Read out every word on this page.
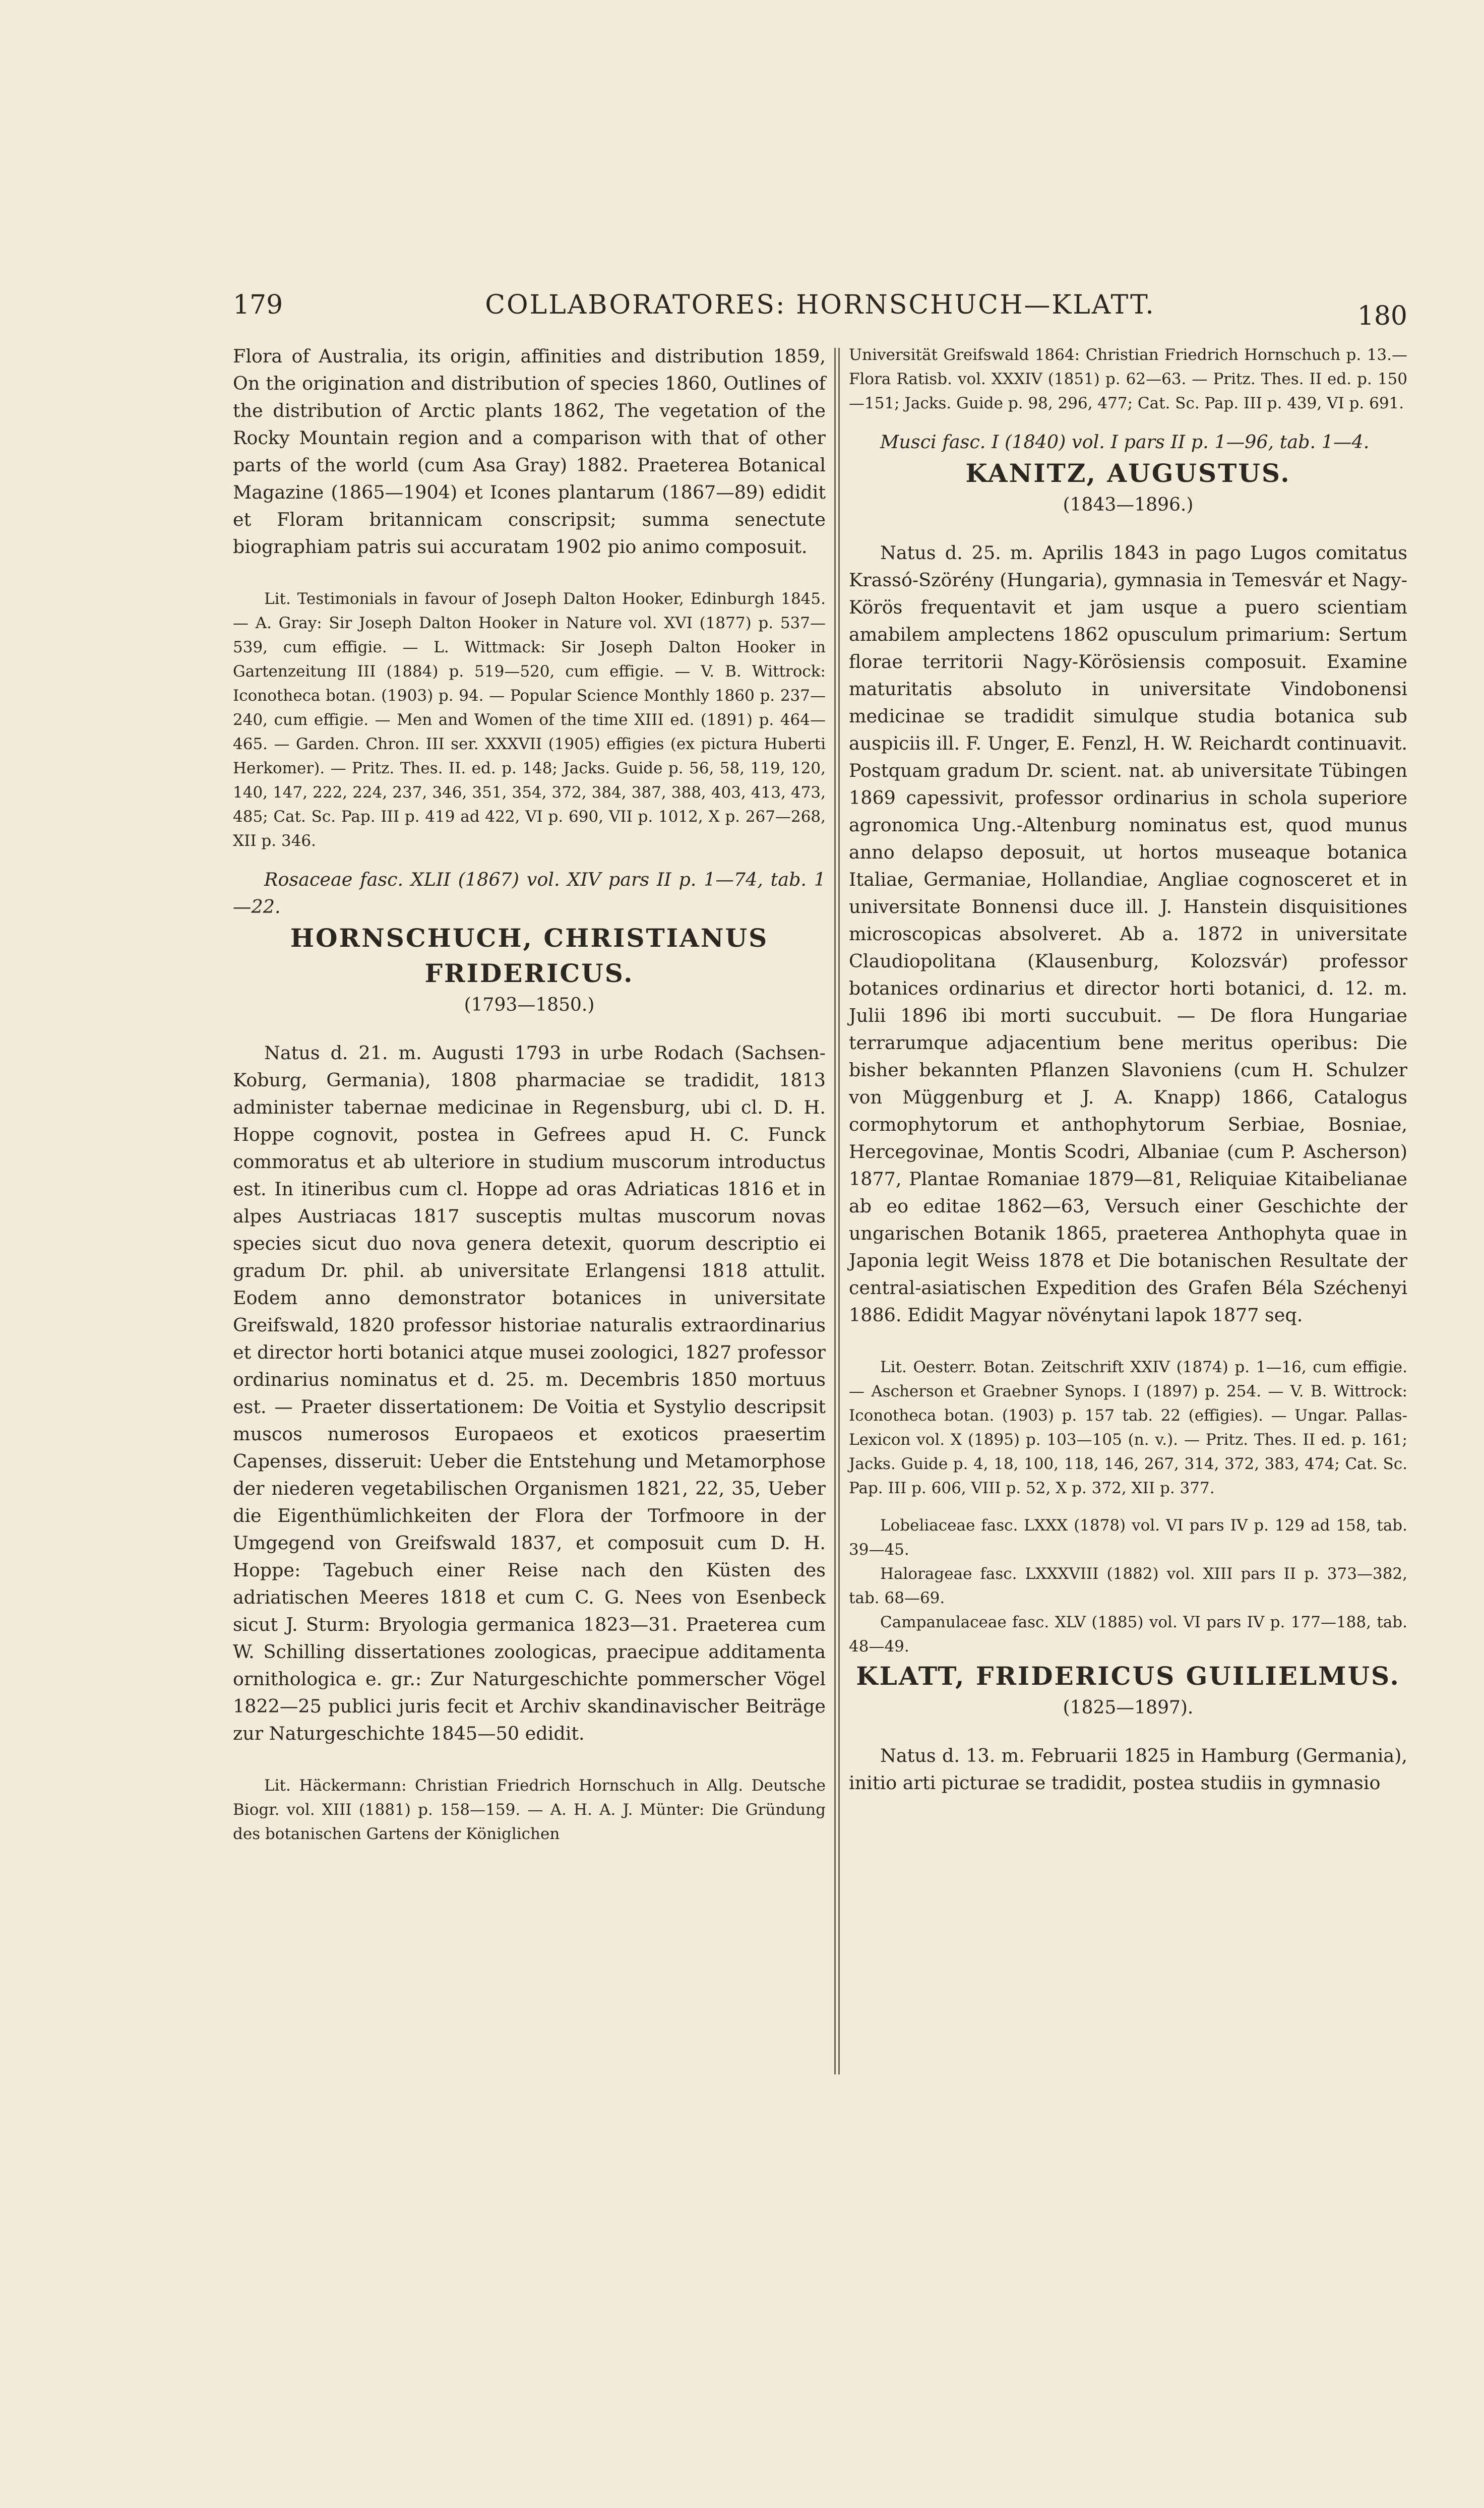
179	COLLABORATORES: HORNSCHUCH—KLATT.	180

Flora of Australia, its origin, affinities and distribution 1859, On the origination and distribution of species 1860, Outlines of the distribution of Arctic plants 1862, The vegetation of the Rocky Mountain region and a comparison with that of other parts of the world (cum Asa Gray) 1882. Praeterea Botanical Magazine (1865—1904) et Icones plantarum (1867—89) edidit et Floram britannicam conscripsit; summa senectute biographiam patris sui accuratam 1902 pio animo composuit.

Lit. Testimonials in favour of Joseph Dalton Hooker, Edinburgh 1845. — A. Gray: Sir Joseph Dalton Hooker in Nature vol. XVI (1877) p. 537—539, cum effigie. — L. Wittmack: Sir Joseph Dalton Hooker in Gartenzeitung III (1884) p. 519—520, cum effigie. — V. B. Wittrock: Iconotheca botan. (1903) p. 94. — Popular Science Monthly 1860 p. 237—240, cum effigie. — Men and Women of the time XIII ed. (1891) p. 464—465. — Garden. Chron. III ser. XXXVII (1905) effigies (ex pictura Huberti Herkomer). — Pritz. Thes. II. ed. p. 148; Jacks. Guide p. 56, 58, 119, 120, 140, 147, 222, 224, 237, 346, 351, 354, 372, 384, 387, 388, 403, 413, 473, 485; Cat. Sc. Pap. III p. 419 ad 422, VI p. 690, VII p. 1012, X p. 267—268, XII p. 346.

Rosaceae fasc. XLII (1867) vol. XIV pars II p. 1—74, tab. 1—22.

HORNSCHUCH, CHRISTIANUS FRIDERICUS.
(1793—1850.)

Natus d. 21. m. Augusti 1793 in urbe Rodach (Sachsen-Koburg, Germania), 1808 pharmaciae se tradidit, 1813 administer tabernae medicinae in Regensburg, ubi cl. D. H. Hoppe cognovit, postea in Gefrees apud H. C. Funck commoratus et ab ulteriore in studium muscorum introductus est. In itineribus cum cl. Hoppe ad oras Adriaticas 1816 et in alpes Austriacas 1817 susceptis multas muscorum novas species sicut duo nova genera detexit, quorum descriptio ei gradum Dr. phil. ab universitate Erlangensi 1818 attulit. Eodem anno demonstrator botanices in universitate Greifswald, 1820 professor historiae naturalis extraordinarius et director horti botanici atque musei zoologici, 1827 professor ordinarius nominatus et d. 25. m. Decembris 1850 mortuus est. — Praeter dissertationem: De Voitia et Systylio descripsit muscos numerosos Europaeos et exoticos praesertim Capenses, disseruit: Ueber die Entstehung und Metamorphose der niederen vegetabilischen Organismen 1821, 22, 35, Ueber die Eigenthümlichkeiten der Flora der Torfmoore in der Umgegend von Greifswald 1837, et composuit cum D. H. Hoppe: Tagebuch einer Reise nach den Küsten des adriatischen Meeres 1818 et cum C. G. Nees von Esenbeck sicut J. Sturm: Bryologia germanica 1823—31. Praeterea cum W. Schilling dissertationes zoologicas, praecipue additamenta ornithologica e. gr.: Zur Naturgeschichte pommerscher Vögel 1822—25 publici juris fecit et Archiv skandinavischer Beiträge zur Naturgeschichte 1845—50 edidit.

Lit. Häckermann: Christian Friedrich Hornschuch in Allg. Deutsche Biogr. vol. XIII (1881) p. 158—159. — A. H. A. J. Münter: Die Gründung des botanischen Gartens der Königlichen

Universität Greifswald 1864: Christian Friedrich Hornschuch p. 13.— Flora Ratisb. vol. XXXIV (1851) p. 62—63. — Pritz. Thes. II ed. p. 150—151; Jacks. Guide p. 98, 296, 477; Cat. Sc. Pap. III p. 439, VI p. 691.

Musci fasc. I (1840) vol. I pars II p. 1—96, tab. 1—4.

KANITZ, AUGUSTUS.
(1843—1896.)

Natus d. 25. m. Aprilis 1843 in pago Lugos comitatus Krassó-Szörény (Hungaria), gymnasia in Temesvár et Nagy-Körös frequentavit et jam usque a puero scientiam amabilem amplectens 1862 opusculum primarium: Sertum florae territorii Nagy-Körösiensis composuit. Examine maturitatis absoluto in universitate Vindobonensi medicinae se tradidit simulque studia botanica sub auspiciis ill. F. Unger, E. Fenzl, H. W. Reichardt continuavit. Postquam gradum Dr. scient. nat. ab universitate Tübingen 1869 capessivit, professor ordinarius in schola superiore agronomica Ung.-Altenburg nominatus est, quod munus anno delapso deposuit, ut hortos museaque botanica Italiae, Germaniae, Hollandiae, Angliae cognosceret et in universitate Bonnensi duce ill. J. Hanstein disquisitiones microscopicas absolveret. Ab a. 1872 in universitate Claudiopolitana (Klausenburg, Kolozsvár) professor botanices ordinarius et director horti botanici, d. 12. m. Julii 1896 ibi morti succubuit. — De flora Hungariae terrarumque adjacentium bene meritus operibus: Die bisher bekannten Pflanzen Slavoniens (cum H. Schulzer von Müggenburg et J. A. Knapp) 1866, Catalogus cormophytorum et anthophytorum Serbiae, Bosniae, Hercegovinae, Montis Scodri, Albaniae (cum P. Ascherson) 1877, Plantae Romaniae 1879—81, Reliquiae Kitaibelianae ab eo editae 1862—63, Versuch einer Geschichte der ungarischen Botanik 1865, praeterea Anthophyta quae in Japonia legit Weiss 1878 et Die botanischen Resultate der central-asiatischen Expedition des Grafen Béla Széchenyi 1886. Edidit Magyar növénytani lapok 1877 seq.

Lit. Oesterr. Botan. Zeitschrift XXIV (1874) p. 1—16, cum effigie. — Ascherson et Graebner Synops. I (1897) p. 254. — V. B. Wittrock: Iconotheca botan. (1903) p. 157 tab. 22 (effigies). — Ungar. Pallas-Lexicon vol. X (1895) p. 103—105 (n. v.). — Pritz. Thes. II ed. p. 161; Jacks. Guide p. 4, 18, 100, 118, 146, 267, 314, 372, 383, 474; Cat. Sc. Pap. III p. 606, VIII p. 52, X p. 372, XII p. 377.

Lobeliaceae fasc. LXXX (1878) vol. VI pars IV p. 129 ad 158, tab. 39—45.

Halorageae fasc. LXXXVIII (1882) vol. XIII pars II p. 373—382, tab. 68—69.

Campanulaceae fasc. XLV (1885) vol. VI pars IV p. 177—188, tab. 48—49.

KLATT, FRIDERICUS GUILIELMUS.
(1825—1897).

Natus d. 13. m. Februarii 1825 in Hamburg (Germania), initio arti picturae se tradidit, postea studiis in gymnasio
